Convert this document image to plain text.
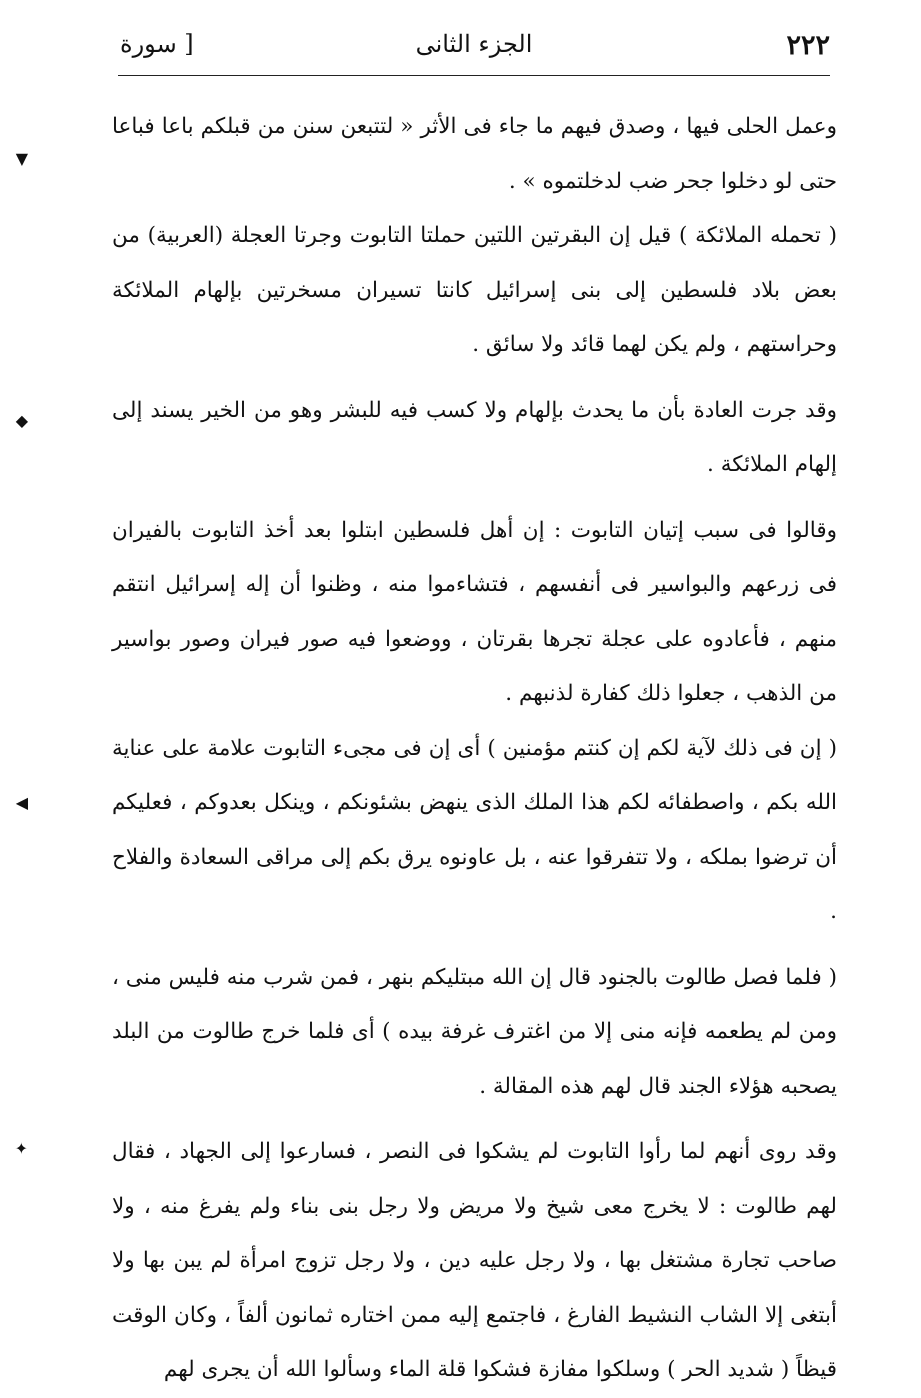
٢٢٢
الجزء الثانى
[ سورة

وعمل الحلى فيها ، وصدق فيهم ما جاء فى الأثر « لتتبعن سنن من قبلكم باعا فباعا حتى لو دخلوا جحر ضب لدخلتموه » .

( تحمله الملائكة ) قيل إن البقرتين اللتين حملتا التابوت وجرتا العجلة (العربية) من بعض بلاد فلسطين إلى بنى إسرائيل كانتا تسيران مسخرتين بإلهام الملائكة وحراستهم ، ولم يكن لهما قائد ولا سائق .

وقد جرت العادة بأن ما يحدث بإلهام ولا كسب فيه للبشر وهو من الخير يسند إلى إلهام الملائكة .

وقالوا فى سبب إتيان التابوت : إن أهل فلسطين ابتلوا بعد أخذ التابوت بالفيران فى زرعهم والبواسير فى أنفسهم ، فتشاءموا منه ، وظنوا أن إله إسرائيل انتقم منهم ، فأعادوه على عجلة تجرها بقرتان ، ووضعوا فيه صور فيران وصور بواسير من الذهب ، جعلوا ذلك كفارة لذنبهم .

( إن فى ذلك لآية لكم إن كنتم مؤمنين ) أى إن فى مجىء التابوت علامة على عناية الله بكم ، واصطفائه لكم هذا الملك الذى ينهض بشئونكم ، وينكل بعدوكم ، فعليكم أن ترضوا بملكه ، ولا تتفرقوا عنه ، بل عاونوه يرق بكم إلى مراقى السعادة والفلاح .

( فلما فصل طالوت بالجنود قال إن الله مبتليكم بنهر ، فمن شرب منه فليس منى ، ومن لم يطعمه فإنه منى إلا من اغترف غرفة بيده ) أى فلما خرج طالوت من البلد يصحبه هؤلاء الجند قال لهم هذه المقالة .

وقد روى أنهم لما رأوا التابوت لم يشكوا فى النصر ، فسارعوا إلى الجهاد ، فقال لهم طالوت : لا يخرج معى شيخ ولا مريض ولا رجل بنى بناء ولم يفرغ منه ، ولا صاحب تجارة مشتغل بها ، ولا رجل عليه دين ، ولا رجل تزوج امرأة لم يبن بها ولا أبتغى إلا الشاب النشيط الفارغ ، فاجتمع إليه ممن اختاره ثمانون ألفاً ، وكان الوقت قيظاً ( شديد الحر ) وسلكوا مفازة فشكوا قلة الماء وسألوا الله أن يجرى لهم

▼
◆
◀
✦
